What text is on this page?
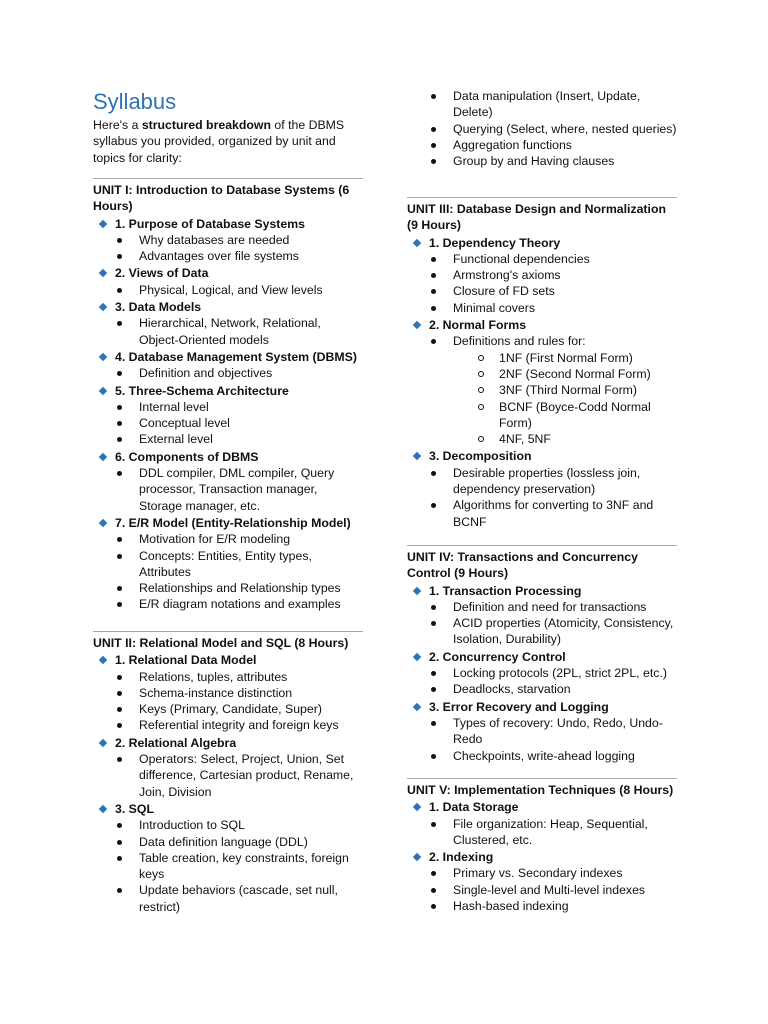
Syllabus

Here's a structured breakdown of the DBMS syllabus you provided, organized by unit and topics for clarity:

UNIT I: Introduction to Database Systems (6 Hours)
1. Purpose of Database Systems
Why databases are needed
Advantages over file systems
2. Views of Data
Physical, Logical, and View levels
3. Data Models
Hierarchical, Network, Relational, Object-Oriented models
4. Database Management System (DBMS)
Definition and objectives
5. Three-Schema Architecture
Internal level
Conceptual level
External level
6. Components of DBMS
DDL compiler, DML compiler, Query processor, Transaction manager, Storage manager, etc.
7. E/R Model (Entity-Relationship Model)
Motivation for E/R modeling
Concepts: Entities, Entity types, Attributes
Relationships and Relationship types
E/R diagram notations and examples
UNIT II: Relational Model and SQL (8 Hours)
1. Relational Data Model
Relations, tuples, attributes
Schema-instance distinction
Keys (Primary, Candidate, Super)
Referential integrity and foreign keys
2. Relational Algebra
Operators: Select, Project, Union, Set difference, Cartesian product, Rename, Join, Division
3. SQL
Introduction to SQL
Data definition language (DDL)
Table creation, key constraints, foreign keys
Update behaviors (cascade, set null, restrict)
Data manipulation (Insert, Update, Delete)
Querying (Select, where, nested queries)
Aggregation functions
Group by and Having clauses
UNIT III: Database Design and Normalization (9 Hours)
1. Dependency Theory
Functional dependencies
Armstrong's axioms
Closure of FD sets
Minimal covers
2. Normal Forms
Definitions and rules for:
1NF (First Normal Form)
2NF (Second Normal Form)
3NF (Third Normal Form)
BCNF (Boyce-Codd Normal Form)
4NF, 5NF
3. Decomposition
Desirable properties (lossless join, dependency preservation)
Algorithms for converting to 3NF and BCNF
UNIT IV: Transactions and Concurrency Control (9 Hours)
1. Transaction Processing
Definition and need for transactions
ACID properties (Atomicity, Consistency, Isolation, Durability)
2. Concurrency Control
Locking protocols (2PL, strict 2PL, etc.)
Deadlocks, starvation
3. Error Recovery and Logging
Types of recovery: Undo, Redo, Undo-Redo
Checkpoints, write-ahead logging
UNIT V: Implementation Techniques (8 Hours)
1. Data Storage
File organization: Heap, Sequential, Clustered, etc.
2. Indexing
Primary vs. Secondary indexes
Single-level and Multi-level indexes
Hash-based indexing
